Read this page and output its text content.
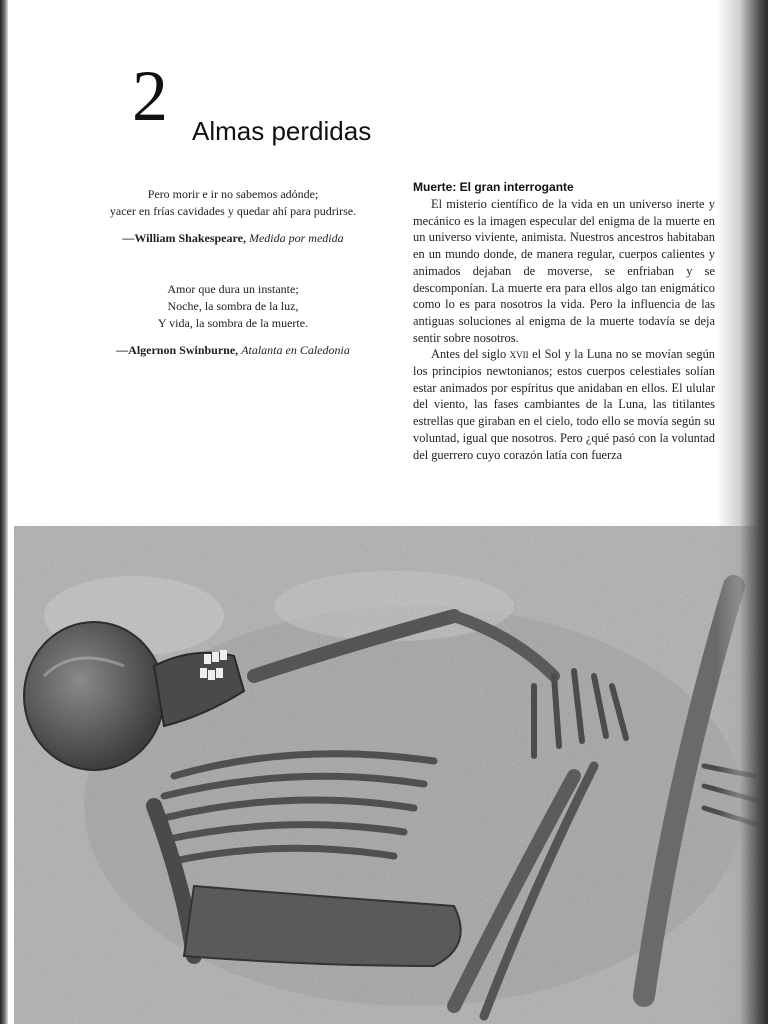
2 Almas perdidas
Pero morir e ir no sabemos adónde;
yacer en frías cavidades y quedar ahí para pudrirse.
—William Shakespeare, Medida por medida
Amor que dura un instante;
Noche, la sombra de la luz,
Y vida, la sombra de la muerte.
—Algernon Swinburne, Atalanta en Caledonia
Muerte: El gran interrogante

El misterio científico de la vida en un universo inerte y mecánico es la imagen especular del enigma de la muerte en un universo viviente, animista. Nuestros ancestros habitaban en un mundo donde, de manera regular, cuerpos calientes y animados dejaban de moverse, se enfriaban y se descomponían. La muerte era para ellos algo tan enigmático como lo es para nosotros la vida. Pero la influencia de las antiguas soluciones al enigma de la muerte todavía se deja sentir sobre nosotros.

Antes del siglo xvii el Sol y la Luna no se movían según los principios newtonianos; estos cuerpos celestiales solían estar animados por espíritus que anidaban en ellos. El ulular del viento, las fases cambiantes de la Luna, las titilantes estrellas que giraban en el cielo, todo ello se movía según su voluntad, igual que nosotros. Pero ¿qué pasó con la voluntad del guerrero cuyo corazón latía con fuerza
